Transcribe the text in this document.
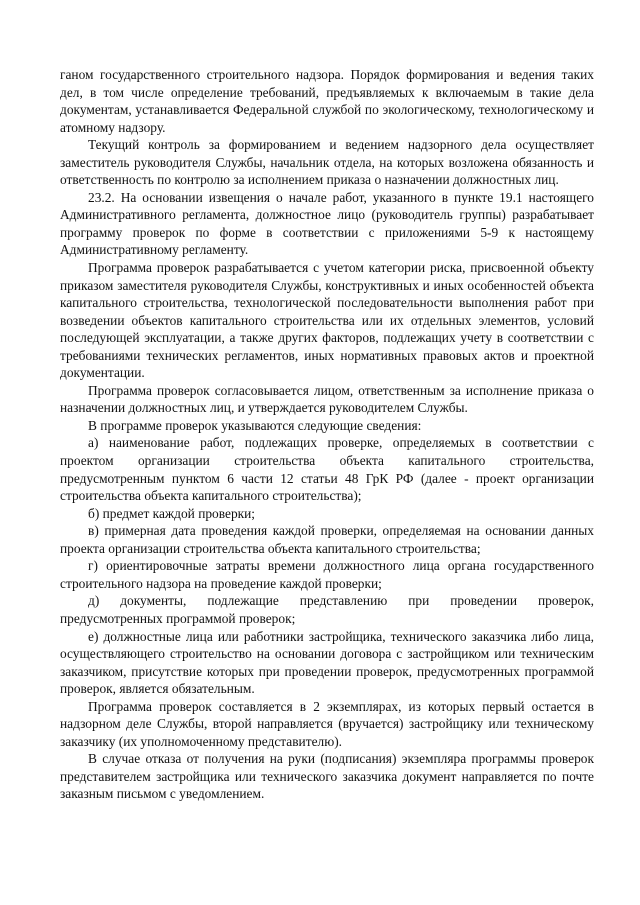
ганом государственного строительного надзора. Порядок формирования и ведения таких дел, в том числе определение требований, предъявляемых к включаемым в такие дела документам, устанавливается Федеральной службой по экологическому, технологическому и атомному надзору.

Текущий контроль за формированием и ведением надзорного дела осуществляет заместитель руководителя Службы, начальник отдела, на которых возложена обязанность и ответственность по контролю за исполнением приказа о назначении должностных лиц.

23.2. На основании извещения о начале работ, указанного в пункте 19.1 настоящего Административного регламента, должностное лицо (руководитель группы) разрабатывает программу проверок по форме в соответствии с приложениями 5-9 к настоящему Административному регламенту.

Программа проверок разрабатывается с учетом категории риска, присвоенной объекту приказом заместителя руководителя Службы, конструктивных и иных особенностей объекта капитального строительства, технологической последовательности выполнения работ при возведении объектов капитального строительства или их отдельных элементов, условий последующей эксплуатации, а также других факторов, подлежащих учету в соответствии с требованиями технических регламентов, иных нормативных правовых актов и проектной документации.

Программа проверок согласовывается лицом, ответственным за исполнение приказа о назначении должностных лиц, и утверждается руководителем Службы.

В программе проверок указываются следующие сведения:

а) наименование работ, подлежащих проверке, определяемых в соответствии с проектом организации строительства объекта капитального строительства, предусмотренным пунктом 6 части 12 статьи 48 ГрК РФ (далее - проект организации строительства объекта капитального строительства);

б) предмет каждой проверки;

в) примерная дата проведения каждой проверки, определяемая на основании данных проекта организации строительства объекта капитального строительства;

г) ориентировочные затраты времени должностного лица органа государственного строительного надзора на проведение каждой проверки;

д) документы, подлежащие представлению при проведении проверок, предусмотренных программой проверок;

е) должностные лица или работники застройщика, технического заказчика либо лица, осуществляющего строительство на основании договора с застройщиком или техническим заказчиком, присутствие которых при проведении проверок, предусмотренных программой проверок, является обязательным.

Программа проверок составляется в 2 экземплярах, из которых первый остается в надзорном деле Службы, второй направляется (вручается) застройщику или техническому заказчику (их уполномоченному представителю).

В случае отказа от получения на руки (подписания) экземпляра программы проверок представителем застройщика или технического заказчика документ направляется по почте заказным письмом с уведомлением.
